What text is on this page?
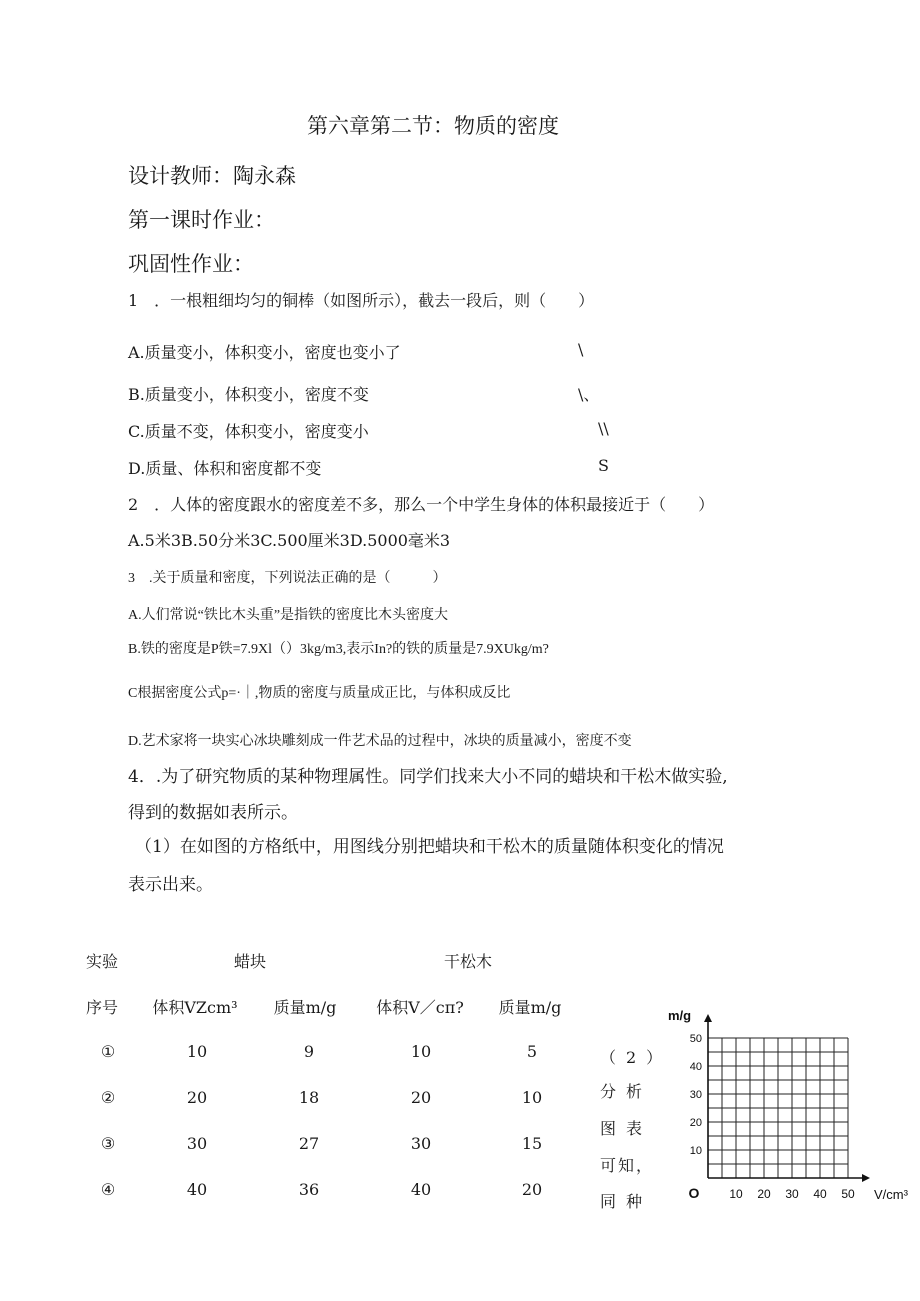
第六章第二节：物质的密度
设计教师：陶永森
第一课时作业：
巩固性作业：
1　．一根粗细均匀的铜棒（如图所示），截去一段后，则（　　）
A.质量变小，体积变小，密度也变小了
B.质量变小，体积变小，密度不变
C.质量不变，体积变小，密度变小
D.质量、体积和密度都不变
\
\、
\\
S
2　．人体的密度跟水的密度差不多，那么一个中学生身体的体积最接近于（　　）
A.5米3B.50分米3C.500厘米3D.5000毫米3
3　.关于质量和密度，下列说法正确的是（　　　）
A.人们常说“铁比木头重”是指铁的密度比木头密度大
B.铁的密度是P铁=7.9Xl（）3kg/m3,表示In?的铁的质量是7.9XUkg/m?
C根据密度公式p=·｜,物质的密度与质量成正比，与体积成反比
D.艺术家将一块实心冰块雕刻成一件艺术品的过程中，冰块的质量减小，密度不变
4．.为了研究物质的某种物理属性。同学们找来大小不同的蜡块和干松木做实验,
得到的数据如表所示。
（1）在如图的方格纸中，用图线分别把蜡块和干松木的质量随体积变化的情况
表示出来。
实验	蜡块	干松木
序号	体积VZcm³	质量m/g	体积V／cπ?	质量m/g
①	10	9	10	5
②	20	18	20	10
③	30	27	30	15
④	40	36	40	20
（2）
分析
图表
可知，
同种	10 20 30 40 50
10
20
30
40
50
O	V/cm³
m/g
